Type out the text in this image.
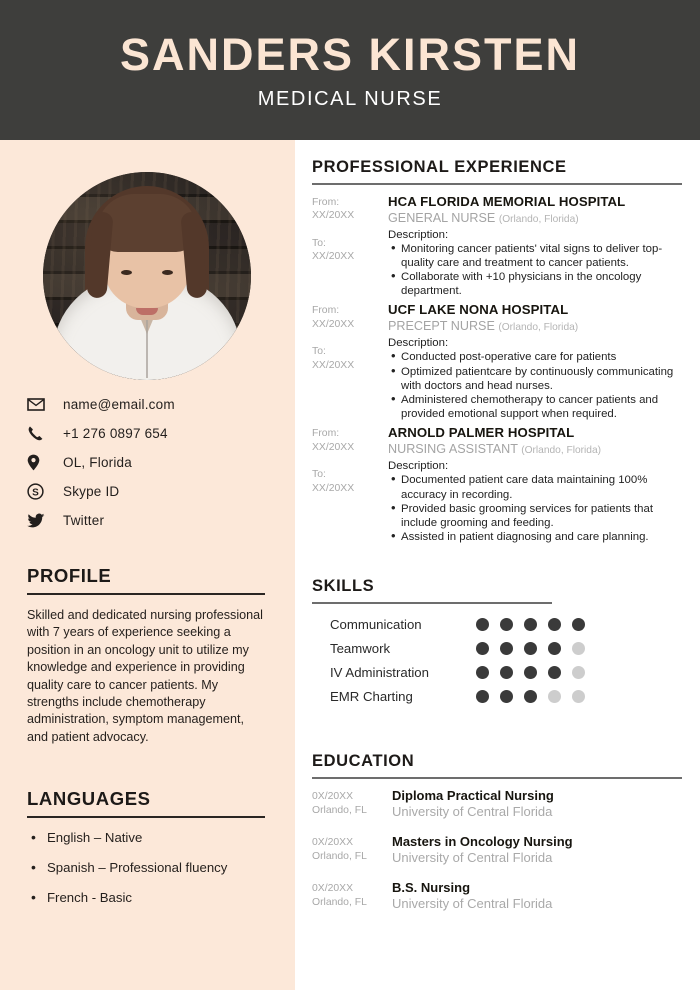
SANDERS KIRSTEN
MEDICAL NURSE
name@email.com
+1 276 0897 654
OL, Florida
S	Skype ID
Twitter
PROFILE

Skilled and dedicated nursing professional with 7 years of experience seeking a position in an oncology unit to utilize my knowledge and experience in providing quality care to cancer patients. My strengths include chemotherapy administration, symptom management, and patient advocacy.

LANGUAGES
• English – Native
• Spanish – Professional fluency
• French - Basic
PROFESSIONAL EXPERIENCE
From:
XX/20XX
To:
XX/20XX

HCA FLORIDA MEMORIAL HOSPITAL

GENERAL NURSE (Orlando, Florida)

Description:

• Monitoring cancer patients' vital signs to deliver top-quality care and treatment to cancer patients.
• Collaborate with +10 physicians in the oncology department.
From:
XX/20XX
To:
XX/20XX

UCF LAKE NONA HOSPITAL

PRECEPT NURSE (Orlando, Florida)

Description:

• Conducted post-operative care for patients
• Optimized patientcare by continuously communicating with doctors and head nurses.
• Administered chemotherapy to cancer patients and provided emotional support when required.
From:
XX/20XX
To:
XX/20XX

ARNOLD PALMER HOSPITAL

NURSING ASSISTANT (Orlando, Florida)

Description:

• Documented patient care data maintaining 100% accuracy in recording.
• Provided basic grooming services for patients that include grooming and feeding.
• Assisted in patient diagnosing and care planning.
SKILLS
Communication
Teamwork
IV Administration
EMR Charting
EDUCATION
0X/20XX
Orlando, FL

Diploma Practical Nursing

University of Central Florida

0X/20XX
Orlando, FL

Masters in Oncology Nursing

University of Central Florida

0X/20XX
Orlando, FL

B.S. Nursing

University of Central Florida
